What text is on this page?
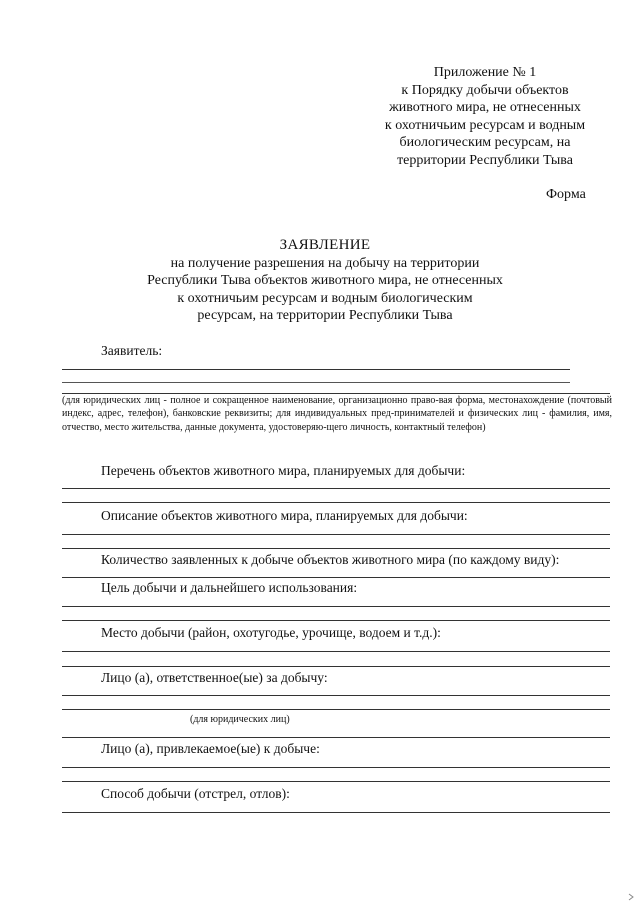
Приложение № 1
к Порядку добычи объектов
животного мира, не отнесенных
к охотничьим ресурсам и водным
биологическим ресурсам, на
территории Республики Тыва
Форма
ЗАЯВЛЕНИЕ
на получение разрешения на добычу на территории
Республики Тыва объектов животного мира, не отнесенных
к охотничьим ресурсам и водным биологическим
ресурсам, на территории Республики Тыва
Заявитель:
(для юридических лиц - полное и сокращенное наименование, организационно право-вая форма, местонахождение (почтовый индекс, адрес, телефон), банковские реквизиты; для индивидуальных пред-принимателей и физических лиц - фамилия, имя, отчество, место жительства, данные документа, удостоверяю-щего личность, контактный телефон)
Перечень объектов животного мира, планируемых для добычи:
Описание объектов животного мира, планируемых для добычи:
Количество заявленных к добыче объектов животного мира (по каждому виду):
Цель добычи и дальнейшего использования:
Место добычи (район, охотугодье, урочище, водоем и т.д.):
Лицо (а), ответственное(ые) за добычу:
(для юридических лиц)
Лицо (а), привлекаемое(ые) к добыче:
Способ добычи (отстрел, отлов):
